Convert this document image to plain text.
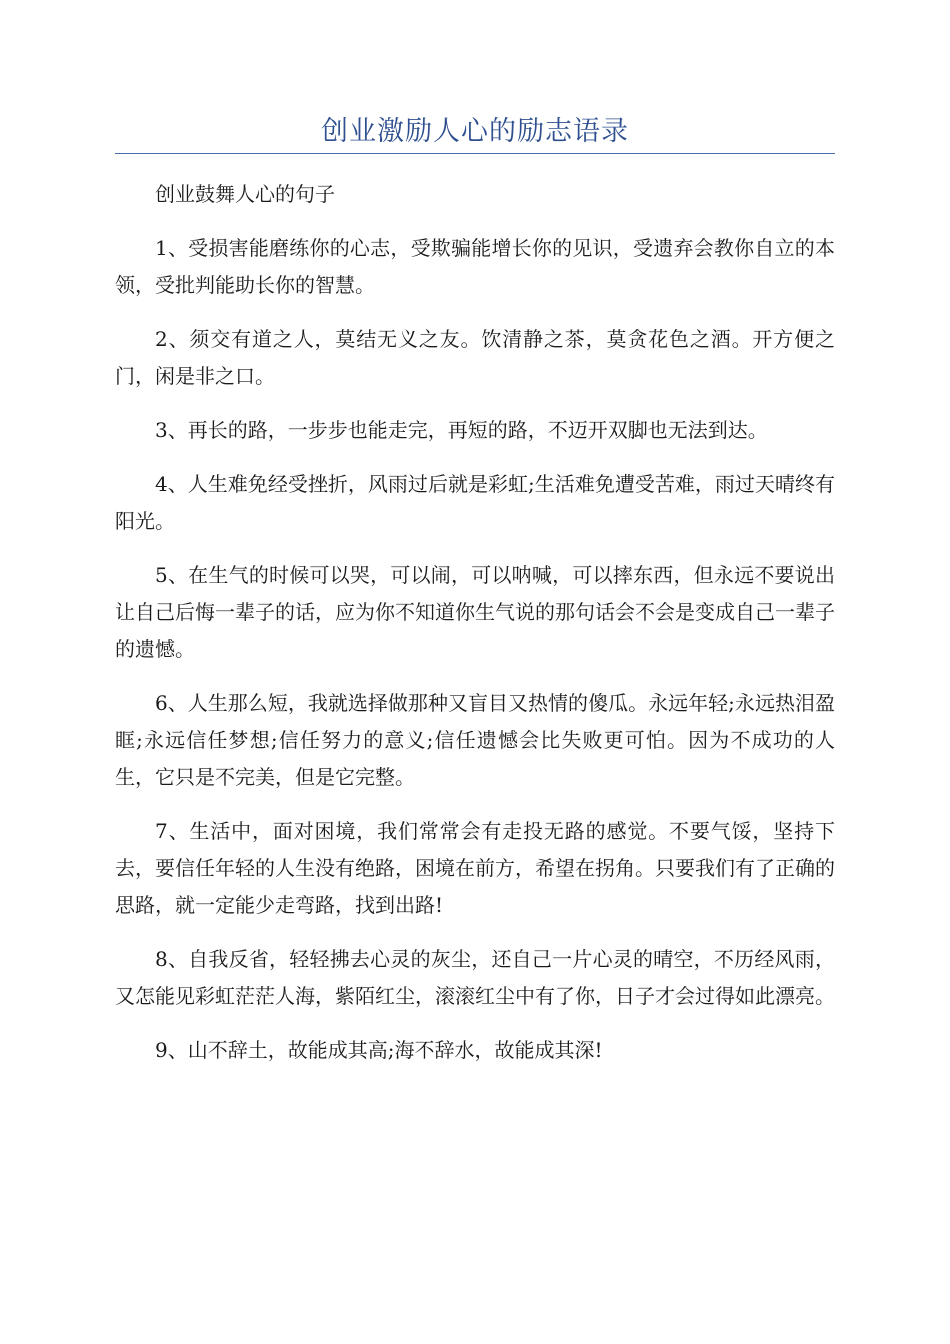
创业激励人心的励志语录

创业鼓舞人心的句子

1、受损害能磨练你的心志，受欺骗能增长你的见识，受遗弃会教你自立的本领，受批判能助长你的智慧。

2、须交有道之人，莫结无义之友。饮清静之茶，莫贪花色之酒。开方便之门，闲是非之口。

3、再长的路，一步步也能走完，再短的路，不迈开双脚也无法到达。

4、人生难免经受挫折，风雨过后就是彩虹;生活难免遭受苦难，雨过天晴终有阳光。

5、在生气的时候可以哭，可以闹，可以呐喊，可以摔东西，但永远不要说出让自己后悔一辈子的话，应为你不知道你生气说的那句话会不会是变成自己一辈子的遗憾。

6、人生那么短，我就选择做那种又盲目又热情的傻瓜。永远年轻;永远热泪盈眶;永远信任梦想;信任努力的意义;信任遗憾会比失败更可怕。因为不成功的人生，它只是不完美，但是它完整。

7、生活中，面对困境，我们常常会有走投无路的感觉。不要气馁，坚持下去，要信任年轻的人生没有绝路，困境在前方，希望在拐角。只要我们有了正确的思路，就一定能少走弯路，找到出路!

8、自我反省，轻轻拂去心灵的灰尘，还自己一片心灵的晴空，不历经风雨，又怎能见彩虹茫茫人海，紫陌红尘，滚滚红尘中有了你，日子才会过得如此漂亮。

9、山不辞土，故能成其高;海不辞水，故能成其深!
